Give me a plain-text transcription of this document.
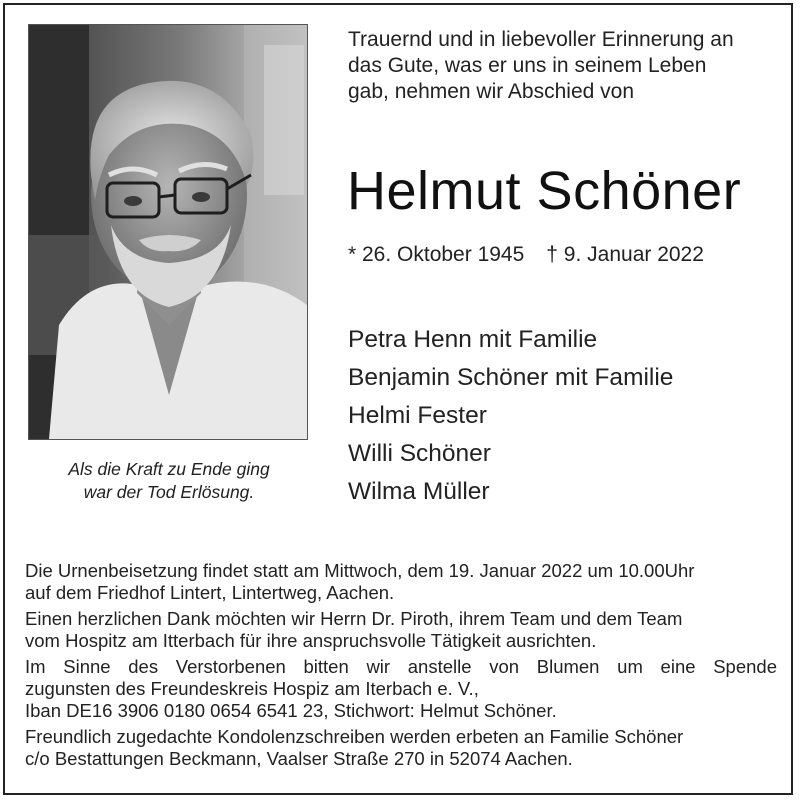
Als die Kraft zu Ende ging
war der Tod Erlösung.
Trauernd und in liebevoller Erinnerung an
das Gute, was er uns in seinem Leben
gab, nehmen wir Abschied von
Helmut Schöner
* 26. Oktober 1945 † 9. Januar 2022
Petra Henn mit Familie
Benjamin Schöner mit Familie
Helmi Fester
Willi Schöner
Wilma Müller

Die Urnenbeisetzung findet statt am Mittwoch, dem 19. Januar 2022 um 10.00Uhr
auf dem Friedhof Lintert, Lintertweg, Aachen.

Einen herzlichen Dank möchten wir Herrn Dr. Piroth, ihrem Team und dem Team
vom Hospitz am Itterbach für ihre anspruchsvolle Tätigkeit ausrichten.

Im Sinne des Verstorbenen bitten wir anstelle von Blumen um eine Spende
zugunsten des Freundeskreis Hospiz am Iterbach e. V.,
Iban DE16 3906 0180 0654 6541 23, Stichwort: Helmut Schöner.

Freundlich zugedachte Kondolenzschreiben werden erbeten an Familie Schöner
c/o Bestattungen Beckmann, Vaalser Straße 270 in 52074 Aachen.
